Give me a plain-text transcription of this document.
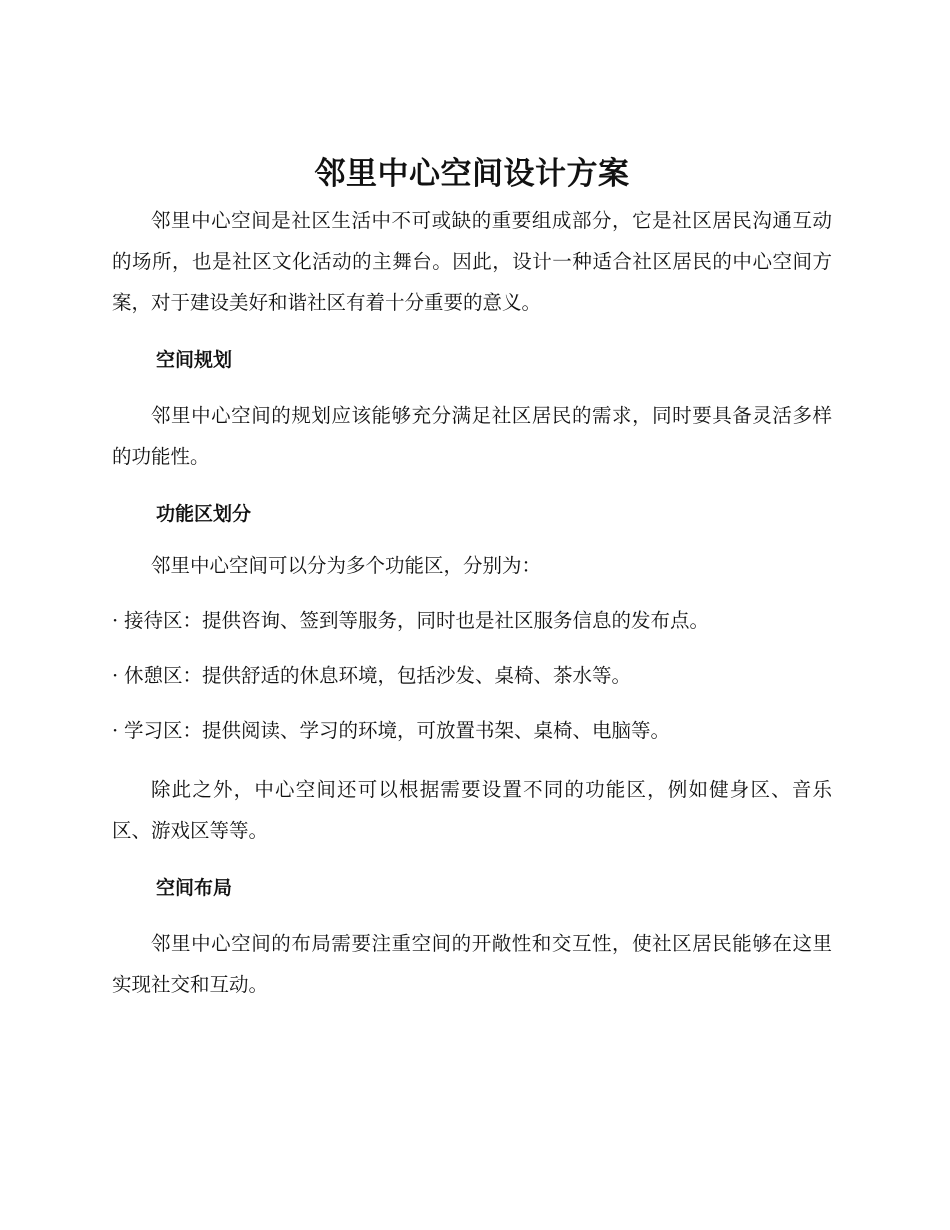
邻里中心空间设计方案

邻里中心空间是社区生活中不可或缺的重要组成部分，它是社区居民沟通互动的场所，也是社区文化活动的主舞台。因此，设计一种适合社区居民的中心空间方案，对于建设美好和谐社区有着十分重要的意义。

空间规划

邻里中心空间的规划应该能够充分满足社区居民的需求，同时要具备灵活多样的功能性。

功能区划分

邻里中心空间可以分为多个功能区，分别为：

· 接待区：提供咨询、签到等服务，同时也是社区服务信息的发布点。

· 休憩区：提供舒适的休息环境，包括沙发、桌椅、茶水等。

· 学习区：提供阅读、学习的环境，可放置书架、桌椅、电脑等。

除此之外，中心空间还可以根据需要设置不同的功能区，例如健身区、音乐区、游戏区等等。

空间布局

邻里中心空间的布局需要注重空间的开敞性和交互性，使社区居民能够在这里实现社交和互动。
